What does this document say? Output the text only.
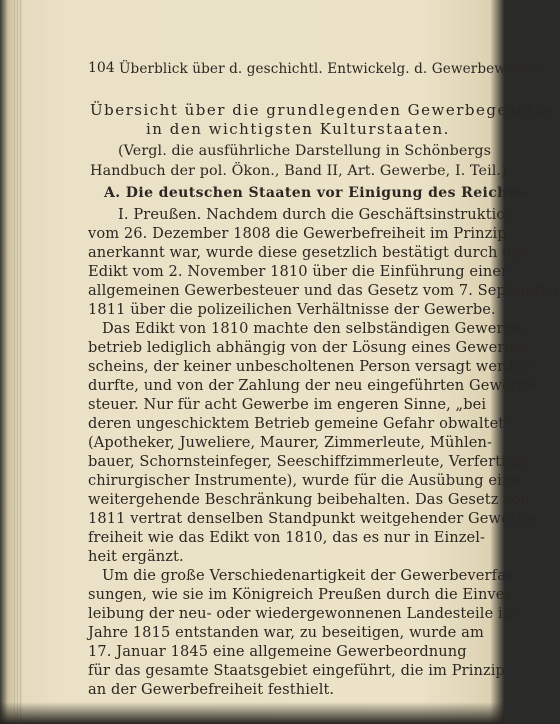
104 Überblick über d. geschichtl. Entwickelg. d. Gewerbewesens.
Übersicht über die grundlegenden Gewerbegesetze
in den wichtigsten Kulturstaaten.
(Vergl. die ausführliche Darstellung in Schönbergs
Handbuch der pol. Ökon., Band II, Art. Gewerbe, I. Teil.)
A. Die deutschen Staaten vor Einigung des Reiches.
I. Preußen. Nachdem durch die Geschäftsinstruktion
vom 26. Dezember 1808 die Gewerbefreiheit im Prinzip
anerkannt war, wurde diese gesetzlich bestätigt durch das
Edikt vom 2. November 1810 über die Einführung einer
allgemeinen Gewerbesteuer und das Gesetz vom 7. September
1811 über die polizeilichen Verhältnisse der Gewerbe.
Das Edikt von 1810 machte den selbständigen Gewerbe-
betrieb lediglich abhängig von der Lösung eines Gewerbe-
scheins, der keiner unbescholtenen Person versagt werden
durfte, und von der Zahlung der neu eingeführten Gewerbe-
steuer. Nur für acht Gewerbe im engeren Sinne, „bei
deren ungeschicktem Betrieb gemeine Gefahr obwaltet“
(Apotheker, Juweliere, Maurer, Zimmerleute, Mühlen-
bauer, Schornsteinfeger, Seeschiffzimmerleute, Verfertiger
chirurgischer Instrumente), wurde für die Ausübung eine
weitergehende Beschränkung beibehalten. Das Gesetz von
1811 vertrat denselben Standpunkt weitgehender Gewerbe-
freiheit wie das Edikt von 1810, das es nur in Einzel-
heit ergänzt.
Um die große Verschiedenartigkeit der Gewerbeverfas-
sungen, wie sie im Königreich Preußen durch die Einver-
leibung der neu- oder wiedergewonnenen Landesteile im
Jahre 1815 entstanden war, zu beseitigen, wurde am
17. Januar 1845 eine allgemeine Gewerbeordnung
für das gesamte Staatsgebiet eingeführt, die im Prinzip
an der Gewerbefreiheit festhielt.
